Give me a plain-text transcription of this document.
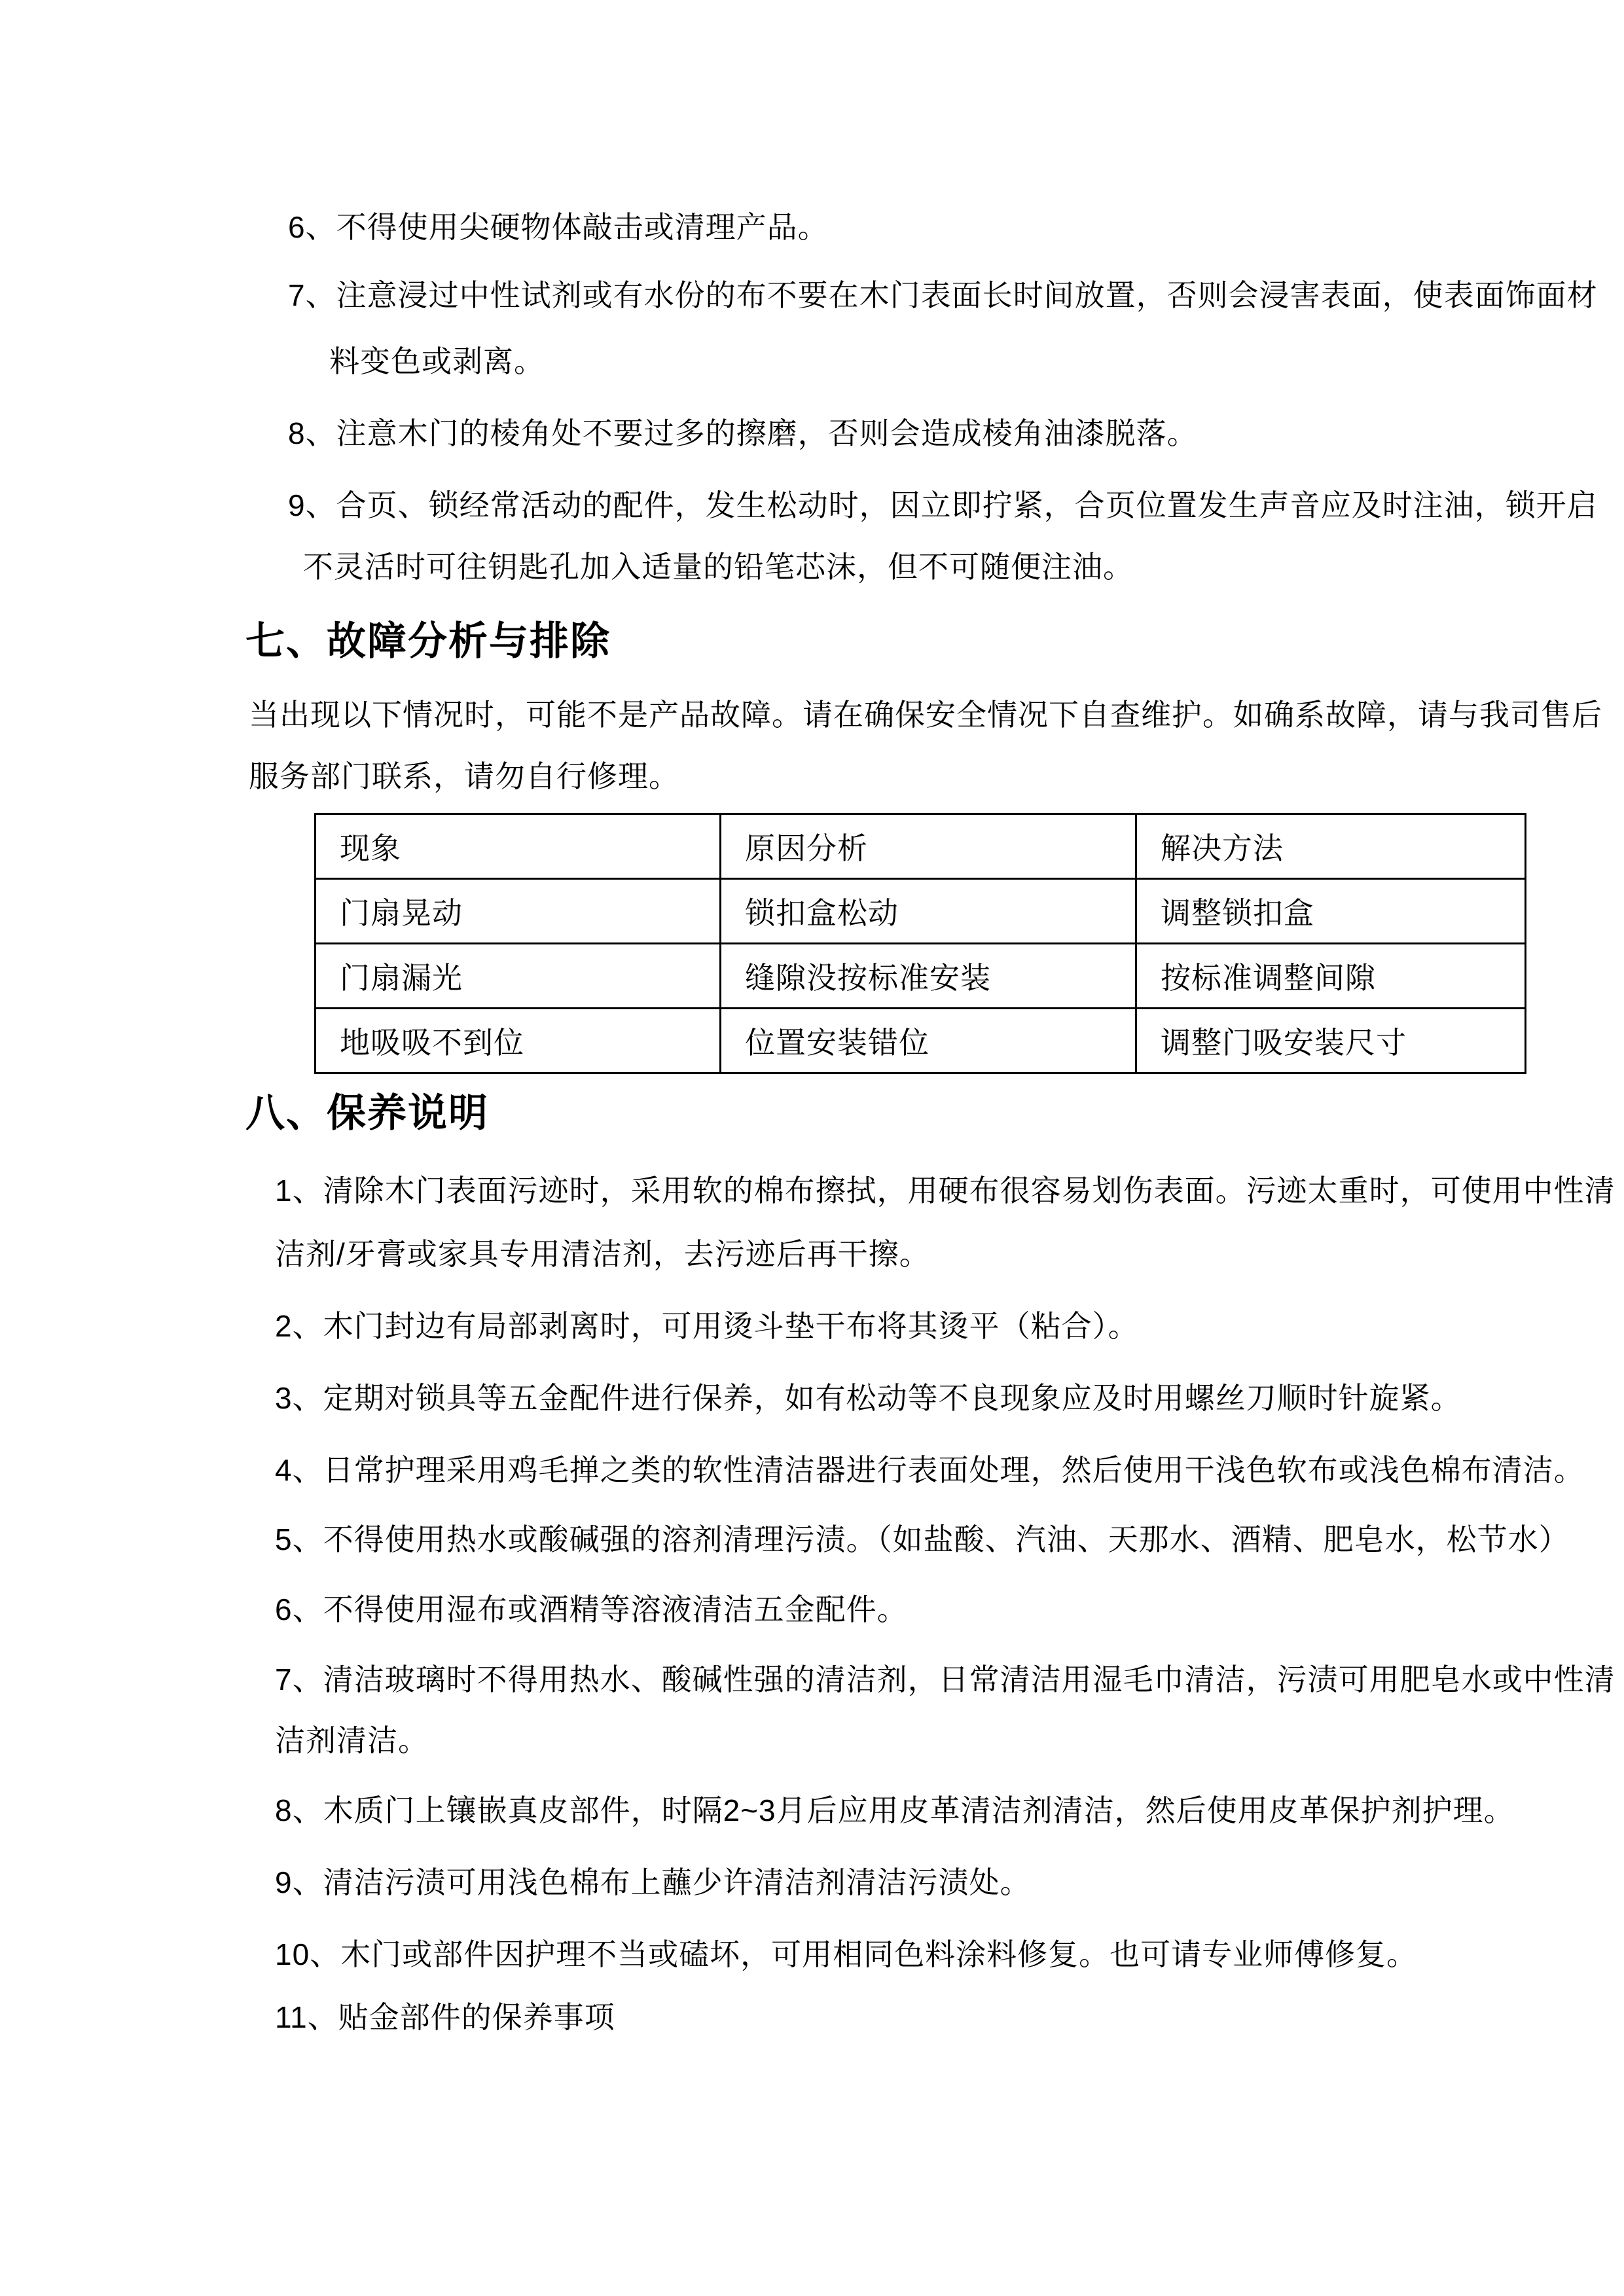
6、不得使用尖硬物体敲击或清理产品。
7、注意浸过中性试剂或有水份的布不要在木门表面长时间放置，否则会浸害表面，使表面饰面材
料变色或剥离。
8、注意木门的棱角处不要过多的擦磨，否则会造成棱角油漆脱落。
9、合页、锁经常活动的配件，发生松动时，因立即拧紧，合页位置发生声音应及时注油，锁开启
不灵活时可往钥匙孔加入适量的铅笔芯沫，但不可随便注油。
七、故障分析与排除
当出现以下情况时，可能不是产品故障。请在确保安全情况下自查维护。如确系故障，请与我司售后
服务部门联系，请勿自行修理。
现象	原因分析	解决方法
门扇晃动	锁扣盒松动	调整锁扣盒
门扇漏光	缝隙没按标准安装	按标准调整间隙
地吸吸不到位	位置安装错位	调整门吸安装尺寸
八、保养说明
1、清除木门表面污迹时，采用软的棉布擦拭，用硬布很容易划伤表面。污迹太重时，可使用中性清
洁剂/牙膏或家具专用清洁剂，去污迹后再干擦。
2、木门封边有局部剥离时，可用烫斗垫干布将其烫平（粘合）。
3、定期对锁具等五金配件进行保养，如有松动等不良现象应及时用螺丝刀顺时针旋紧。
4、日常护理采用鸡毛掸之类的软性清洁器进行表面处理，然后使用干浅色软布或浅色棉布清洁。
5、不得使用热水或酸碱强的溶剂清理污渍。（如盐酸、汽油、天那水、酒精、肥皂水，松节水）
6、不得使用湿布或酒精等溶液清洁五金配件。
7、清洁玻璃时不得用热水、酸碱性强的清洁剂，日常清洁用湿毛巾清洁，污渍可用肥皂水或中性清
洁剂清洁。
8、木质门上镶嵌真皮部件，时隔2~3月后应用皮革清洁剂清洁，然后使用皮革保护剂护理。
9、清洁污渍可用浅色棉布上蘸少许清洁剂清洁污渍处。
10、木门或部件因护理不当或磕坏，可用相同色料涂料修复。也可请专业师傅修复。
11、贴金部件的保养事项
